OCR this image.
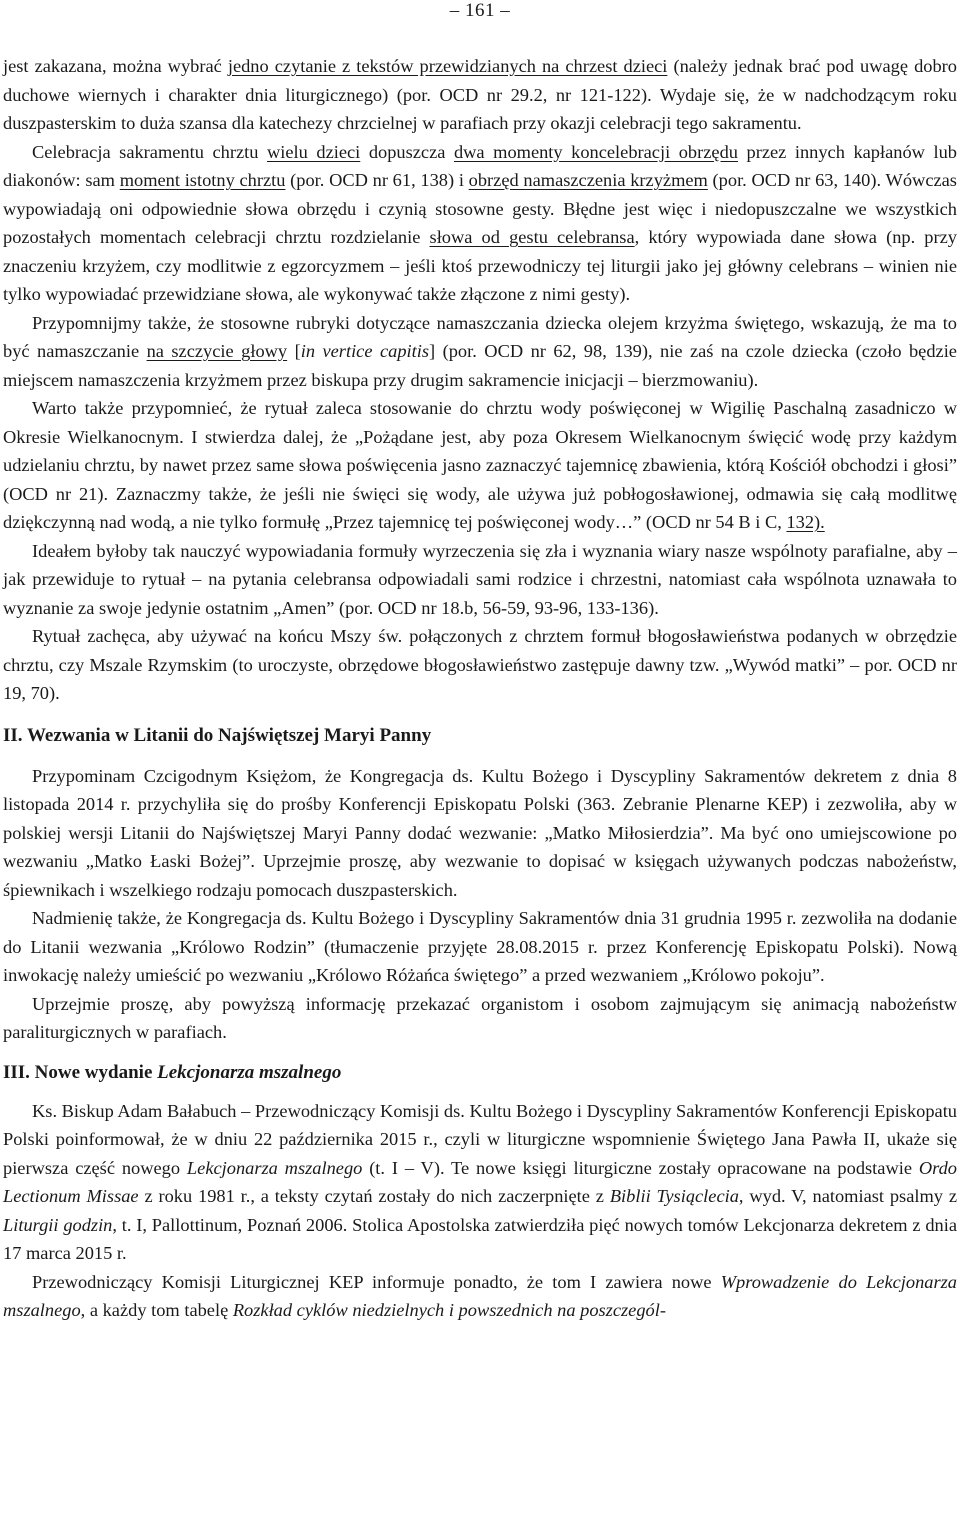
– 161 –

jest zakazana, można wybrać jedno czytanie z tekstów przewidzianych na chrzest dzieci (należy jednak brać pod uwagę dobro duchowe wiernych i charakter dnia liturgicznego) (por. OCD nr 29.2, nr 121-122). Wydaje się, że w nadchodzącym roku duszpasterskim to duża szansa dla katechezy chrzcielnej w parafiach przy okazji celebracji tego sakramentu.

Celebracja sakramentu chrztu wielu dzieci dopuszcza dwa momenty koncelebracji obrzędu przez innych kapłanów lub diakonów: sam moment istotny chrztu (por. OCD nr 61, 138) i obrzęd namaszczenia krzyżmem (por. OCD nr 63, 140). Wówczas wypowiadają oni odpowiednie słowa obrzędu i czynią stosowne gesty. Błędne jest więc i niedopuszczalne we wszystkich pozostałych momentach celebracji chrztu rozdzielanie słowa od gestu celebransa, który wypowiada dane słowa (np. przy znaczeniu krzyżem, czy modlitwie z egzorcyzmem – jeśli ktoś przewodniczy tej liturgii jako jej główny celebrans – winien nie tylko wypowiadać przewidziane słowa, ale wykonywać także złączone z nimi gesty).

Przypomnijmy także, że stosowne rubryki dotyczące namaszczania dziecka olejem krzyżma świętego, wskazują, że ma to być namaszczanie na szczycie głowy [in vertice capitis] (por. OCD nr 62, 98, 139), nie zaś na czole dziecka (czoło będzie miejscem namaszczenia krzyżmem przez biskupa przy drugim sakramencie inicjacji – bierzmowaniu).

Warto także przypomnieć, że rytuał zaleca stosowanie do chrztu wody poświęconej w Wigilię Paschalną zasadniczo w Okresie Wielkanocnym. I stwierdza dalej, że „Pożądane jest, aby poza Okresem Wielkanocnym święcić wodę przy każdym udzielaniu chrztu, by nawet przez same słowa poświęcenia jasno zaznaczyć tajemnicę zbawienia, którą Kościół obchodzi i głosi” (OCD nr 21). Zaznaczmy także, że jeśli nie święci się wody, ale używa już pobłogosławionej, odmawia się całą modlitwę dziękczynną nad wodą, a nie tylko formułę „Przez tajemnicę tej poświęconej wody…” (OCD nr 54 B i C, 132).

Ideałem byłoby tak nauczyć wypowiadania formuły wyrzeczenia się zła i wyznania wiary nasze wspólnoty parafialne, aby – jak przewiduje to rytuał – na pytania celebransa odpowiadali sami rodzice i chrzestni, natomiast cała wspólnota uznawała to wyznanie za swoje jedynie ostatnim „Amen” (por. OCD nr 18.b, 56-59, 93-96, 133-136).

Rytuał zachęca, aby używać na końcu Mszy św. połączonych z chrztem formuł błogosławieństwa podanych w obrzędzie chrztu, czy Mszale Rzymskim (to uroczyste, obrzędowe błogosławieństwo zastępuje dawny tzw. „Wywód matki” – por. OCD nr 19, 70).

II. Wezwania w Litanii do Najświętszej Maryi Panny

Przypominam Czcigodnym Księżom, że Kongregacja ds. Kultu Bożego i Dyscypliny Sakramentów dekretem z dnia 8 listopada 2014 r. przychyliła się do prośby Konferencji Episkopatu Polski (363. Zebranie Plenarne KEP) i zezwoliła, aby w polskiej wersji Litanii do Najświętszej Maryi Panny dodać wezwanie: „Matko Miłosierdzia”. Ma być ono umiejscowione po wezwaniu „Matko Łaski Bożej”. Uprzejmie proszę, aby wezwanie to dopisać w księgach używanych podczas nabożeństw, śpiewnikach i wszelkiego rodzaju pomocach duszpasterskich.

Nadmienię także, że Kongregacja ds. Kultu Bożego i Dyscypliny Sakramentów dnia 31 grudnia 1995 r. zezwoliła na dodanie do Litanii wezwania „Królowo Rodzin” (tłumaczenie przyjęte 28.08.2015 r. przez Konferencję Episkopatu Polski). Nową inwokację należy umieścić po wezwaniu „Królowo Różańca świętego” a przed wezwaniem „Królowo pokoju”.

Uprzejmie proszę, aby powyższą informację przekazać organistom i osobom zajmującym się animacją nabożeństw paraliturgicznych w parafiach.

III. Nowe wydanie Lekcjonarza mszalnego

Ks. Biskup Adam Bałabuch – Przewodniczący Komisji ds. Kultu Bożego i Dyscypliny Sakramentów Konferencji Episkopatu Polski poinformował, że w dniu 22 października 2015 r., czyli w liturgiczne wspomnienie Świętego Jana Pawła II, ukaże się pierwsza część nowego Lekcjonarza mszalnego (t. I – V). Te nowe księgi liturgiczne zostały opracowane na podstawie Ordo Lectionum Missae z roku 1981 r., a teksty czytań zostały do nich zaczerpnięte z Biblii Tysiąclecia, wyd. V, natomiast psalmy z Liturgii godzin, t. I, Pallottinum, Poznań 2006. Stolica Apostolska zatwierdziła pięć nowych tomów Lekcjonarza dekretem z dnia 17 marca 2015 r.

Przewodniczący Komisji Liturgicznej KEP informuje ponadto, że tom I zawiera nowe Wprowadzenie do Lekcjonarza mszalnego, a każdy tom tabelę Rozkład cyklów niedzielnych i powszednich na poszczegól-
